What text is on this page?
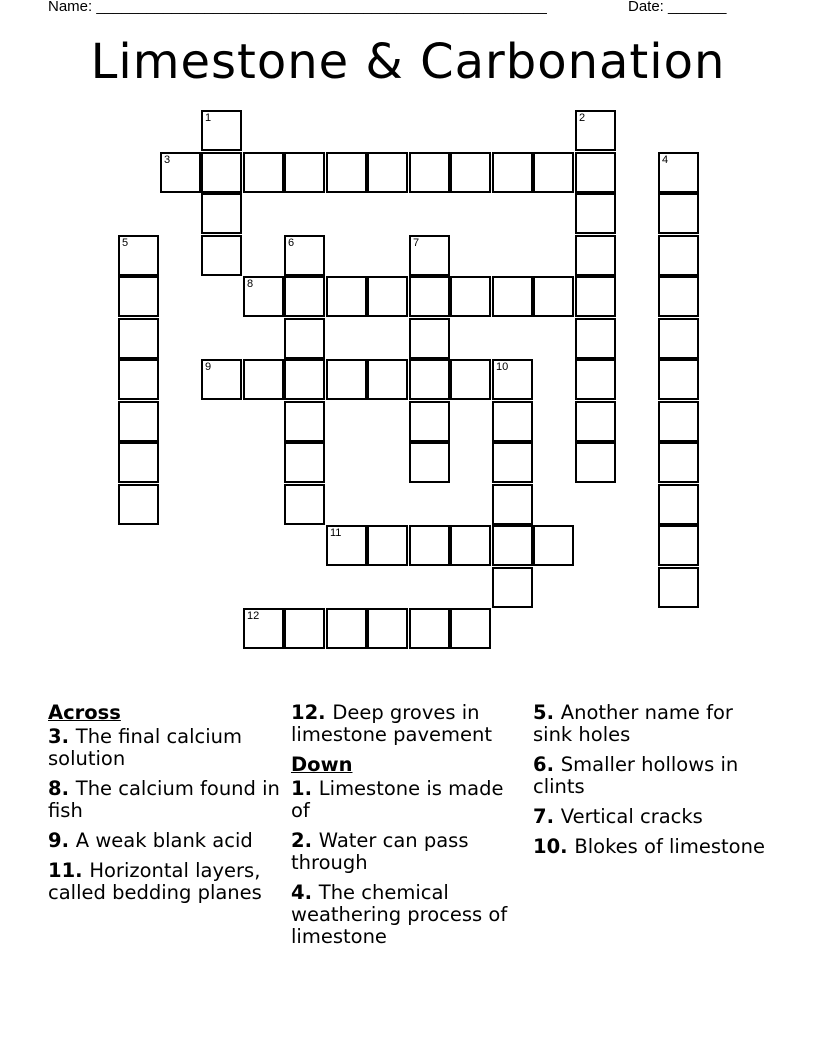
Name: ______________________________________________________	Date: _______
Limestone & Carbonation
1	2
3	4
5	6	7
8
9	10
11
12
Across
3. The final calcium solution
8. The calcium found in fish
9. A weak blank acid
11. Horizontal layers, called bedding planes
12. Deep groves in limestone pavement
Down
1. Limestone is made of
2. Water can pass through
4. The chemical weathering process of limestone
5. Another name for sink holes
6. Smaller hollows in clints
7. Vertical cracks
10. Blokes of limestone
